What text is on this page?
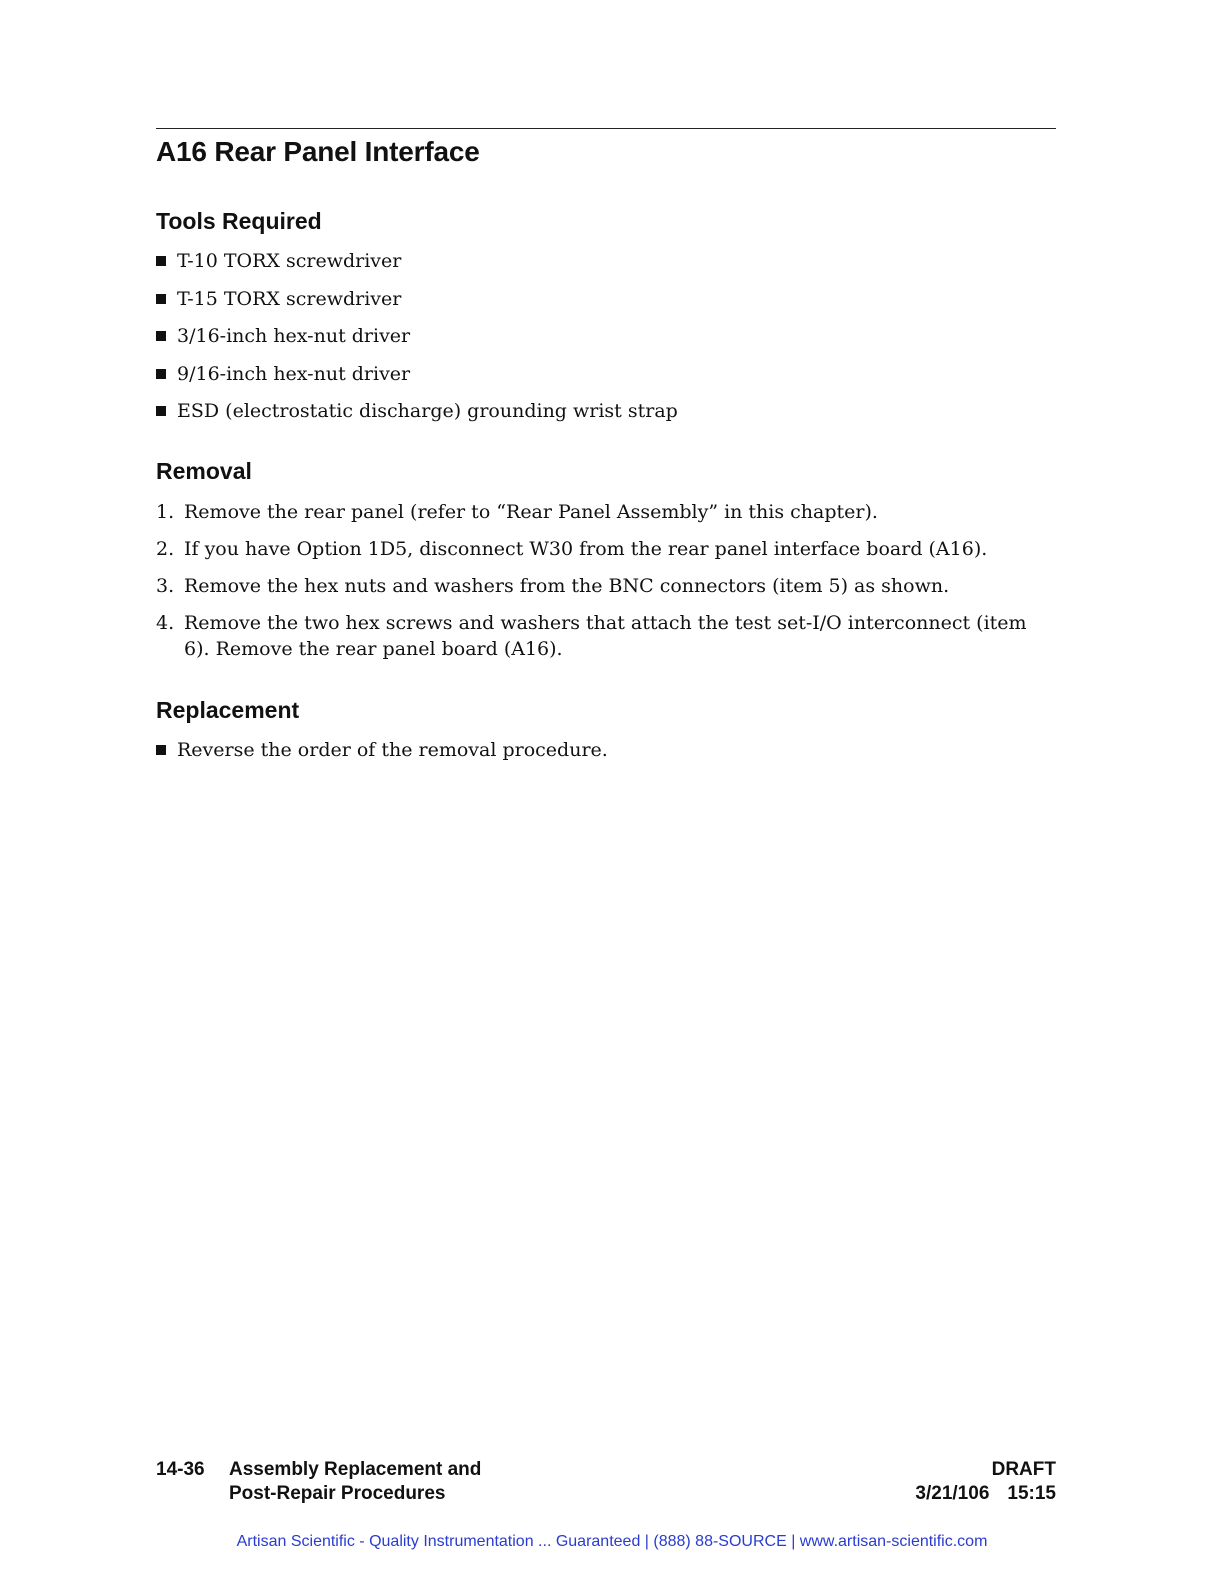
A16 Rear Panel Interface
Tools Required
T-10 TORX screwdriver
T-15 TORX screwdriver
3/16-inch hex-nut driver
9/16-inch hex-nut driver
ESD (electrostatic discharge) grounding wrist strap
Removal
1. Remove the rear panel (refer to “Rear Panel Assembly” in this chapter).
2. If you have Option 1D5, disconnect W30 from the rear panel interface board (A16).
3. Remove the hex nuts and washers from the BNC connectors (item 5) as shown.
4. Remove the two hex screws and washers that attach the test set-I/O interconnect (item 6). Remove the rear panel board (A16).
Replacement
Reverse the order of the removal procedure.
14-36	Assembly Replacement and
Post-Repair Procedures
DRAFT
3/21/106 15:15
Artisan Scientific - Quality Instrumentation ... Guaranteed | (888) 88-SOURCE | www.artisan-scientific.com
